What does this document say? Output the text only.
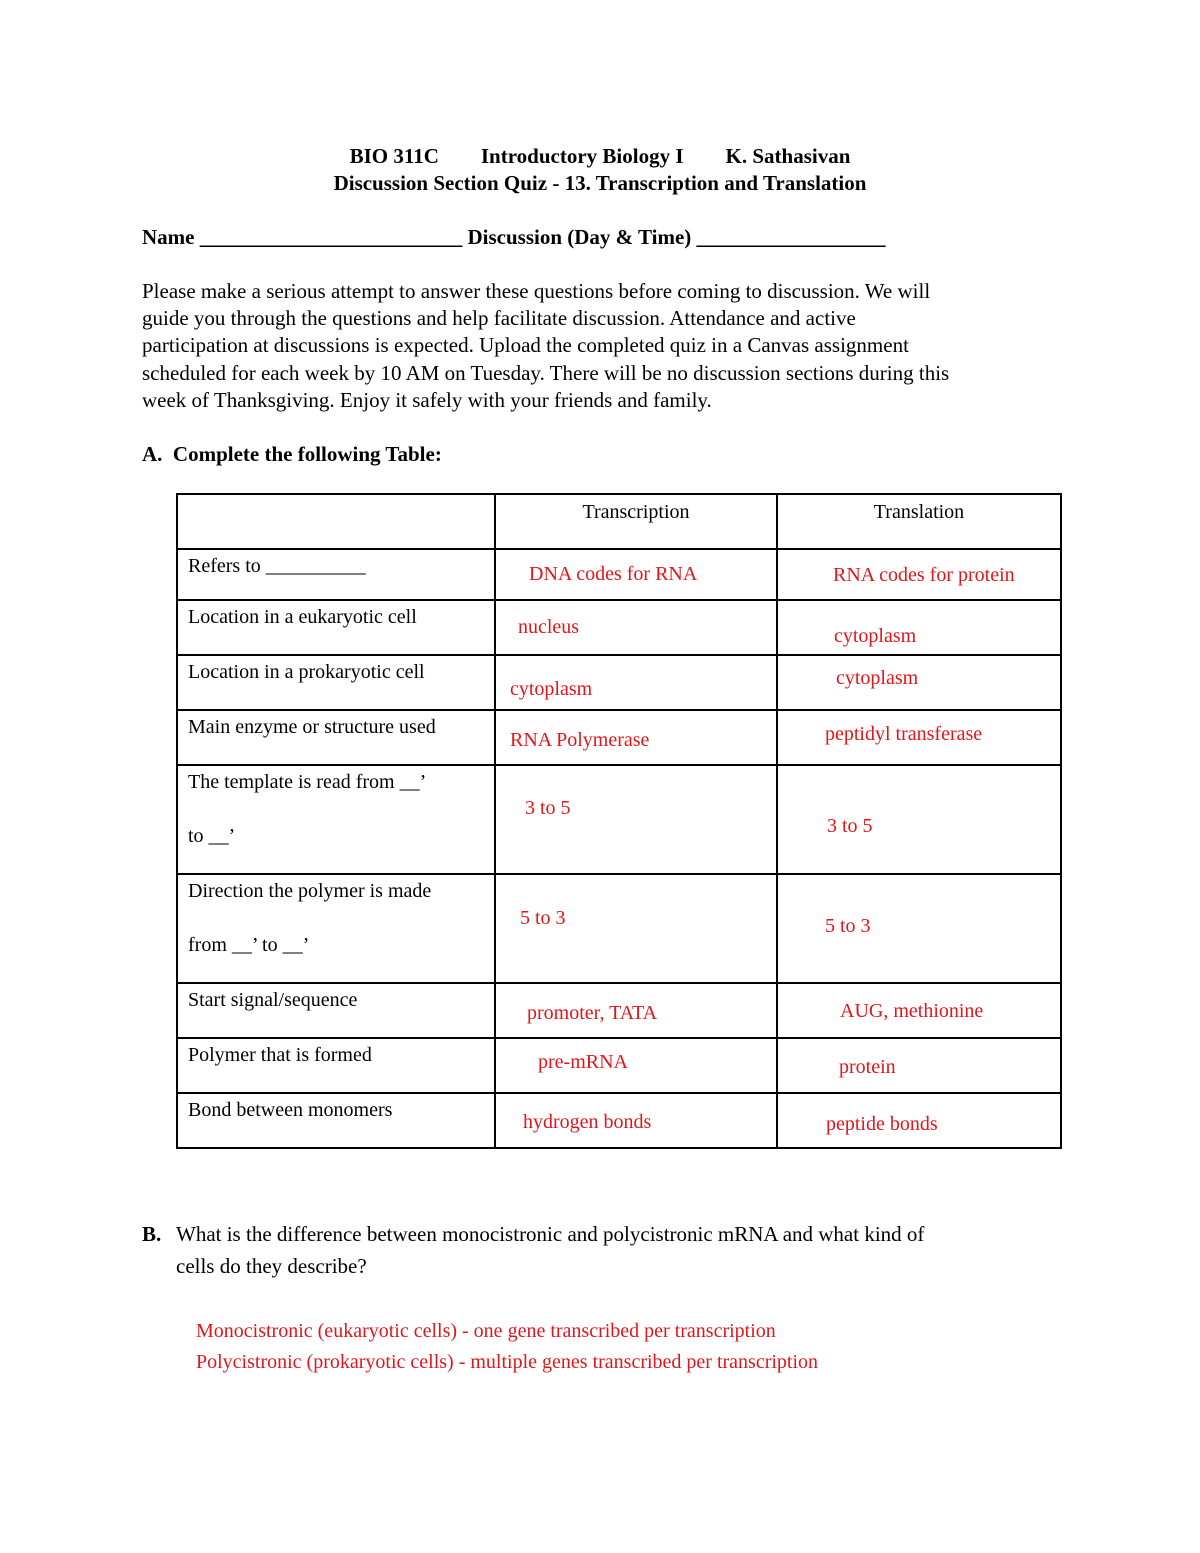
BIO 311C        Introductory Biology I        K. Sathasivan
Discussion Section Quiz - 13. Transcription and Translation
Name _________________________ Discussion (Day & Time) __________________
Please make a serious attempt to answer these questions before coming to discussion. We will
guide you through the questions and help facilitate discussion. Attendance and active
participation at discussions is expected. Upload the completed quiz in a Canvas assignment
scheduled for each week by 10 AM on Tuesday. There will be no discussion sections during this
week of Thanksgiving. Enjoy it safely with your friends and family.
A.  Complete the following Table:
	Transcription	Translation
Refers to __________	DNA codes for RNA	RNA codes for protein

Location in a eukaryotic cell	nucleus	cytoplasm

Location in a prokaryotic cell	cytoplasm	cytoplasm

Main enzyme or structure used	RNA Polymerase	peptidyl transferase

The template is read from __’
to __’	3 to 5	3 to 5

Direction the polymer is made
from __’ to __’	5 to 3	5 to 3

Start signal/sequence	promoter, TATA	AUG, methionine

Polymer that is formed	pre-mRNA	protein

Bond between monomers	hydrogen bonds	peptide bonds
B. What is the difference between monocistronic and polycistronic mRNA and what kind of
cells do they describe?
Monocistronic (eukaryotic cells) - one gene transcribed per transcription
Polycistronic (prokaryotic cells) - multiple genes transcribed per transcription
